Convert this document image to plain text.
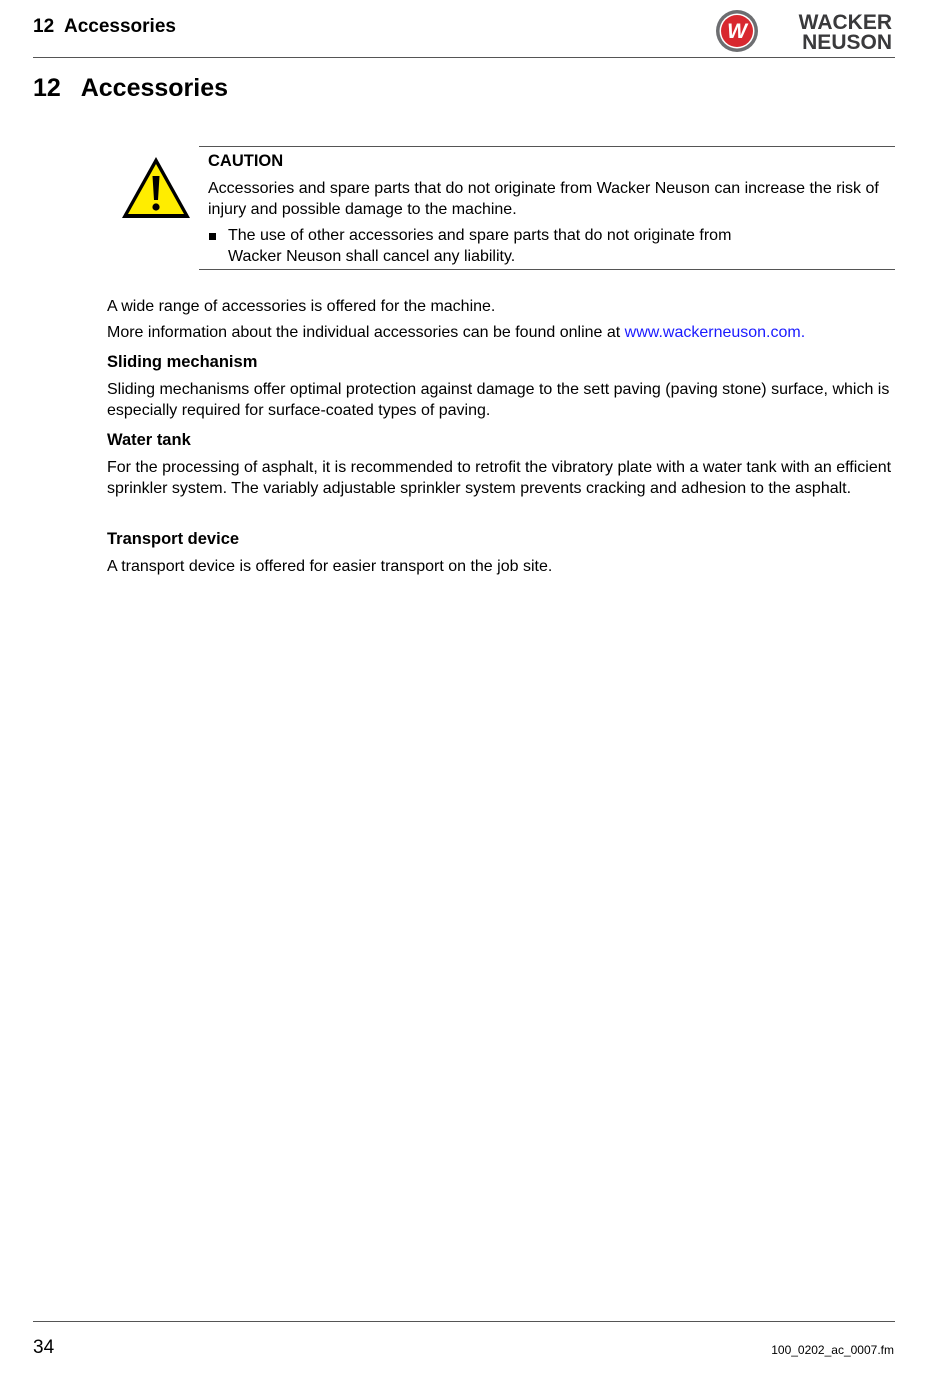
12  Accessories	W WACKER
NEUSON
12   Accessories
CAUTION
Accessories and spare parts that do not originate from Wacker Neuson can increase the risk of injury and possible damage to the machine.
The use of other accessories and spare parts that do not originate from Wacker Neuson shall cancel any liability.
A wide range of accessories is offered for the machine.
More information about the individual accessories can be found online at www.wackerneuson.com.
Sliding mechanism
Sliding mechanisms offer optimal protection against damage to the sett paving (paving stone) surface, which is especially required for surface-coated types of paving.
Water tank
For the processing of asphalt, it is recommended to retrofit the vibratory plate with a water tank with an efficient sprinkler system. The variably adjustable sprinkler system prevents cracking and adhesion to the asphalt.
Transport device
A transport device is offered for easier transport on the job site.
34	100_0202_ac_0007.fm
